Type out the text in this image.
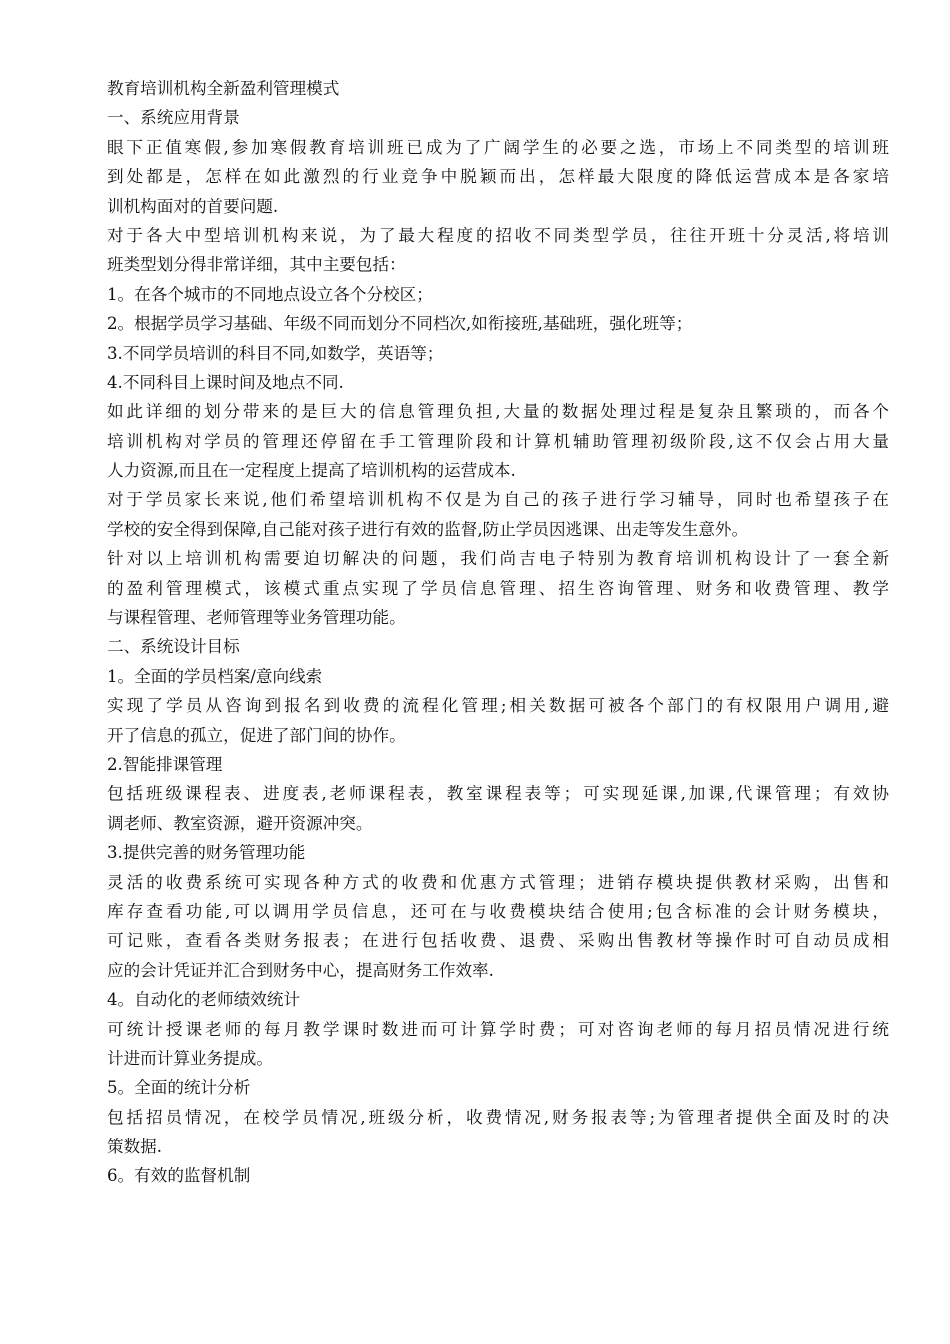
教育培训机构全新盈利管理模式
一、系统应用背景
眼下正值寒假,参加寒假教育培训班已成为了广阔学生的必要之选，市场上不同类型的培训班
到处都是，怎样在如此激烈的行业竞争中脱颖而出，怎样最大限度的降低运营成本是各家培
训机构面对的首要问题.
对于各大中型培训机构来说，为了最大程度的招收不同类型学员，往往开班十分灵活,将培训
班类型划分得非常详细，其中主要包括：
1。在各个城市的不同地点设立各个分校区；
2。根据学员学习基础、年级不同而划分不同档次,如衔接班,基础班，强化班等；
3.不同学员培训的科目不同,如数学，英语等；
4.不同科目上课时间及地点不同.
如此详细的划分带来的是巨大的信息管理负担,大量的数据处理过程是复杂且繁琐的，而各个
培训机构对学员的管理还停留在手工管理阶段和计算机辅助管理初级阶段,这不仅会占用大量
人力资源,而且在一定程度上提高了培训机构的运营成本.
对于学员家长来说,他们希望培训机构不仅是为自己的孩子进行学习辅导，同时也希望孩子在
学校的安全得到保障,自己能对孩子进行有效的监督,防止学员因逃课、出走等发生意外。
针对以上培训机构需要迫切解决的问题，我们尚吉电子特别为教育培训机构设计了一套全新
的盈利管理模式，该模式重点实现了学员信息管理、招生咨询管理、财务和收费管理、教学
与课程管理、老师管理等业务管理功能。
二、系统设计目标
1。全面的学员档案/意向线索
实现了学员从咨询到报名到收费的流程化管理;相关数据可被各个部门的有权限用户调用,避
开了信息的孤立，促进了部门间的协作。
2.智能排课管理
包括班级课程表、进度表,老师课程表，教室课程表等；可实现延课,加课,代课管理；有效协
调老师、教室资源，避开资源冲突。
3.提供完善的财务管理功能
灵活的收费系统可实现各种方式的收费和优惠方式管理；进销存模块提供教材采购，出售和
库存查看功能,可以调用学员信息，还可在与收费模块结合使用;包含标准的会计财务模块，
可记账，查看各类财务报表；在进行包括收费、退费、采购出售教材等操作时可自动员成相
应的会计凭证并汇合到财务中心，提高财务工作效率.
4。自动化的老师绩效统计
可统计授课老师的每月教学课时数进而可计算学时费；可对咨询老师的每月招员情况进行统
计进而计算业务提成。
5。全面的统计分析
包括招员情况，在校学员情况,班级分析，收费情况,财务报表等;为管理者提供全面及时的决
策数据.
6。有效的监督机制
